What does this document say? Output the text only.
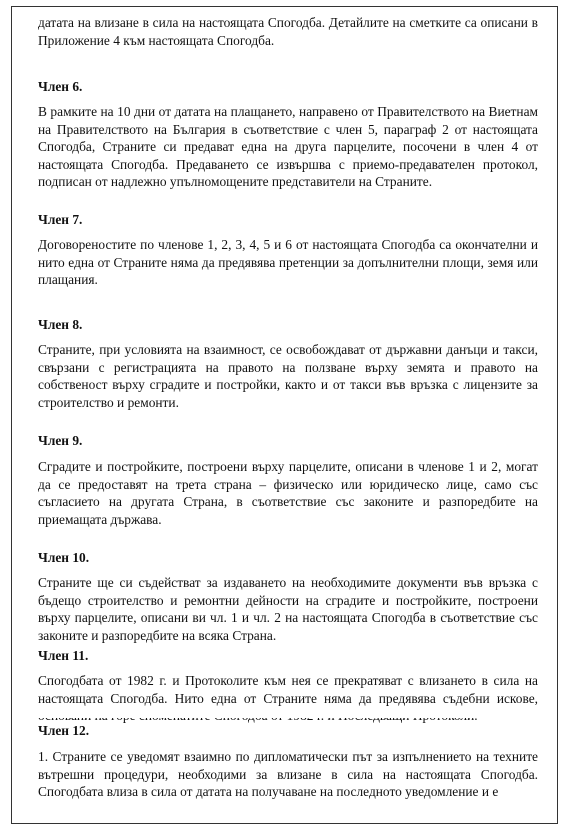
датата на влизане в сила на настоящата Спогодба. Детайлите на сметките са описани в Приложение 4 към настоящата Спогодба.
Член 6.
В рамките на 10 дни от датата на плащането, направено от Правителството на Виетнам на Правителството на България в съответствие с член 5, параграф 2 от настоящата Спогодба, Страните си предават една на друга парцелите, посочени в член 4 от настоящата Спогодба. Предаването се извършва с приемо-предавателен протокол, подписан от надлежно упълномощените представители на Страните.
Член 7.
Договореностите по членове 1, 2, 3, 4, 5 и 6 от настоящата Спогодба са окончателни и нито една от Страните няма да предявява претенции за допълнителни площи, земя или плащания.
Член 8.
Страните, при условията на взаимност, се освобождават от държавни данъци и такси, свързани с регистрацията на правото на ползване върху земята и правото на собственост върху сградите и постройки, както и от такси във връзка с лицензите за строителство и ремонти.
Член 9.
Сградите и постройките, построени върху парцелите, описани в членове 1 и 2, могат да се предоставят на трета страна – физическо или юридическо лице, само със съгласието на другата Страна, в съответствие със законите и разпоредбите на приемащата държава.
Член 10.
Страните ще си съдействат за издаването на необходимите документи във връзка с бъдещо строителство и ремонтни дейности на сградите и постройките, построени върху парцелите, описани ви чл. 1 и чл. 2 на настоящата Спогодба в съответствие със законите и разпоредбите на всяка Страна.
Член 11.
Спогодбата от 1982 г. и Протоколите към нея се прекратяват с влизането в сила на настоящата Спогодба. Нито една от Страните няма да предявява съдебни искове,
Член 12.
1. Страните се уведомят взаимно по дипломатически път за изпълнението на техните вътрешни процедури, необходими за влизане в сила на настоящата Спогодба. Спогодбата влиза в сила от датата на получаване на последното уведомление и е
